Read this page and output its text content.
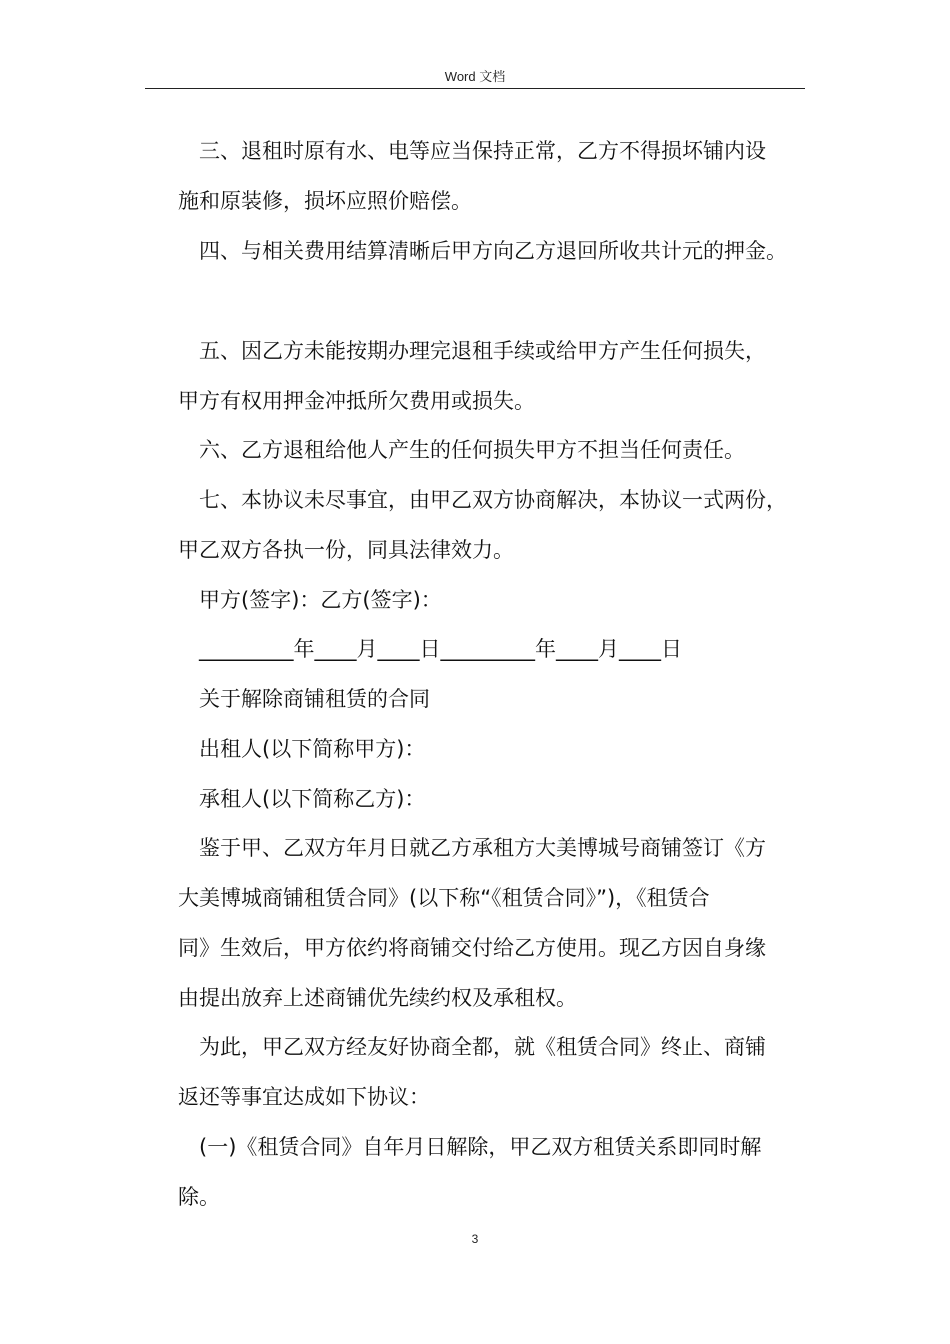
Word 文档
三、退租时原有水、电等应当保持正常，乙方不得损坏铺内设
施和原装修，损坏应照价赔偿。
四、与相关费用结算清晰后甲方向乙方退回所收共计元的押金。
五、因乙方未能按期办理完退租手续或给甲方产生任何损失，
甲方有权用押金冲抵所欠费用或损失。
六、乙方退租给他人产生的任何损失甲方不担当任何责任。
七、本协议未尽事宜，由甲乙双方协商解决，本协议一式两份，
甲乙双方各执一份，同具法律效力。
甲方(签字)：乙方(签字)：
_________年____月____日_________年____月____日
关于解除商铺租赁的合同
出租人(以下简称甲方)：
承租人(以下简称乙方)：
鉴于甲、乙双方年月日就乙方承租方大美博城号商铺签订《方
大美博城商铺租赁合同》(以下称“《租赁合同》”)，《租赁合
同》生效后，甲方依约将商铺交付给乙方使用。现乙方因自身缘
由提出放弃上述商铺优先续约权及承租权。
为此，甲乙双方经友好协商全都，就《租赁合同》终止、商铺
返还等事宜达成如下协议：
(一)《租赁合同》自年月日解除，甲乙双方租赁关系即同时解
除。
3
